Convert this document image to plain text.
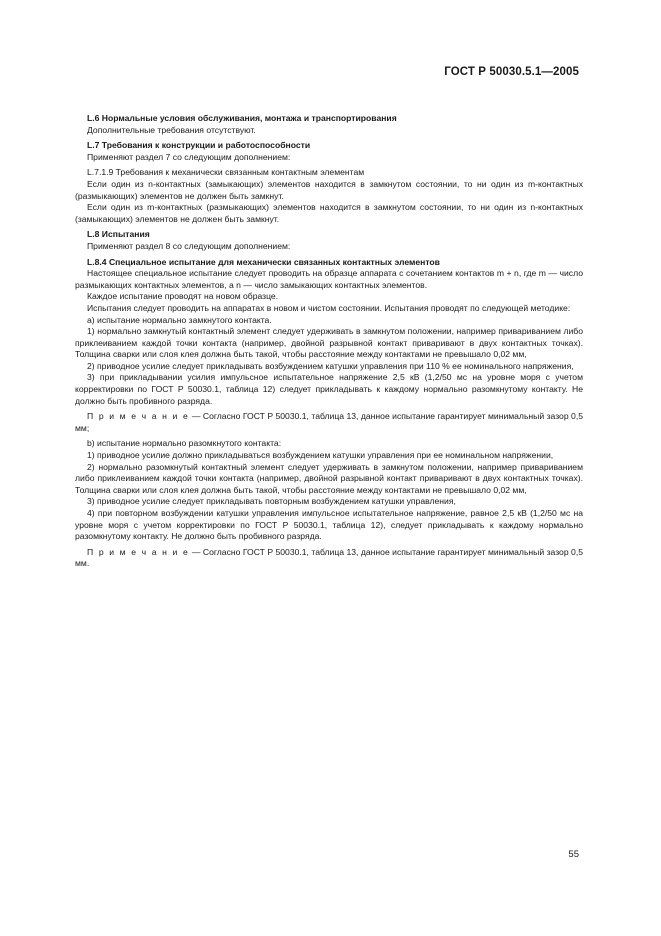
ГОСТ Р 50030.5.1—2005

L.6 Нормальные условия обслуживания, монтажа и транспортирования

Дополнительные требования отсутствуют.

L.7 Требования к конструкции и работоспособности

Применяют раздел 7 со следующим дополнением:

L.7.1.9 Требования к механически связанным контактным элементам

Если один из n-контактных (замыкающих) элементов находится в замкнутом состоянии, то ни один из m-контактных (размыкающих) элементов не должен быть замкнут.

Если один из m-контактных (размыкающих) элементов находится в замкнутом состоянии, то ни один из n-контактных (замыкающих) элементов не должен быть замкнут.

L.8 Испытания

Применяют раздел 8 со следующим дополнением:

L.8.4 Специальное испытание для механически связанных контактных элементов

Настоящее специальное испытание следует проводить на образце аппарата с сочетанием контактов m + n, где m — число размыкающих контактных элементов, а n — число замыкающих контактных элементов.

Каждое испытание проводят на новом образце.

Испытания следует проводить на аппаратах в новом и чистом состоянии. Испытания проводят по следующей методике:

а) испытание нормально замкнутого контакта.

1) нормально замкнутый контактный элемент следует удерживать в замкнутом положении, например привариванием либо приклеиванием каждой точки контакта (например, двойной разрывной контакт приваривают в двух контактных точках). Толщина сварки или слоя клея должна быть такой, чтобы расстояние между контактами не превышало 0,02 мм,

2) приводное усилие следует прикладывать возбуждением катушки управления при 110 % ее номинального напряжения,

3) при прикладывании усилия импульсное испытательное напряжение 2,5 кВ (1,2/50 мс на уровне моря с учетом корректировки по ГОСТ Р 50030.1, таблица 12) следует прикладывать к каждому нормально разомкнутому контакту. Не должно быть пробивного разряда.

П р и м е ч а н и е — Согласно ГОСТ Р 50030.1, таблица 13, данное испытание гарантирует минимальный зазор 0,5 мм;

b) испытание нормально разомкнутого контакта:

1) приводное усилие должно прикладываться возбуждением катушки управления при ее номинальном напряжении,

2) нормально разомкнутый контактный элемент следует удерживать в замкнутом положении, например привариванием либо приклеиванием каждой точки контакта (например, двойной разрывной контакт приваривают в двух контактных точках). Толщина сварки или слоя клея должна быть такой, чтобы расстояние между контактами не превышало 0,02 мм,

3) приводное усилие следует прикладывать повторным возбуждением катушки управления,

4) при повторном возбуждении катушки управления импульсное испытательное напряжение, равное 2,5 кВ (1,2/50 мс на уровне моря с учетом корректировки по ГОСТ Р 50030.1, таблица 12), следует прикладывать к каждому нормально разомкнутому контакту. Не должно быть пробивного разряда.

П р и м е ч а н и е — Согласно ГОСТ Р 50030.1, таблица 13, данное испытание гарантирует минимальный зазор 0,5 мм.

55
